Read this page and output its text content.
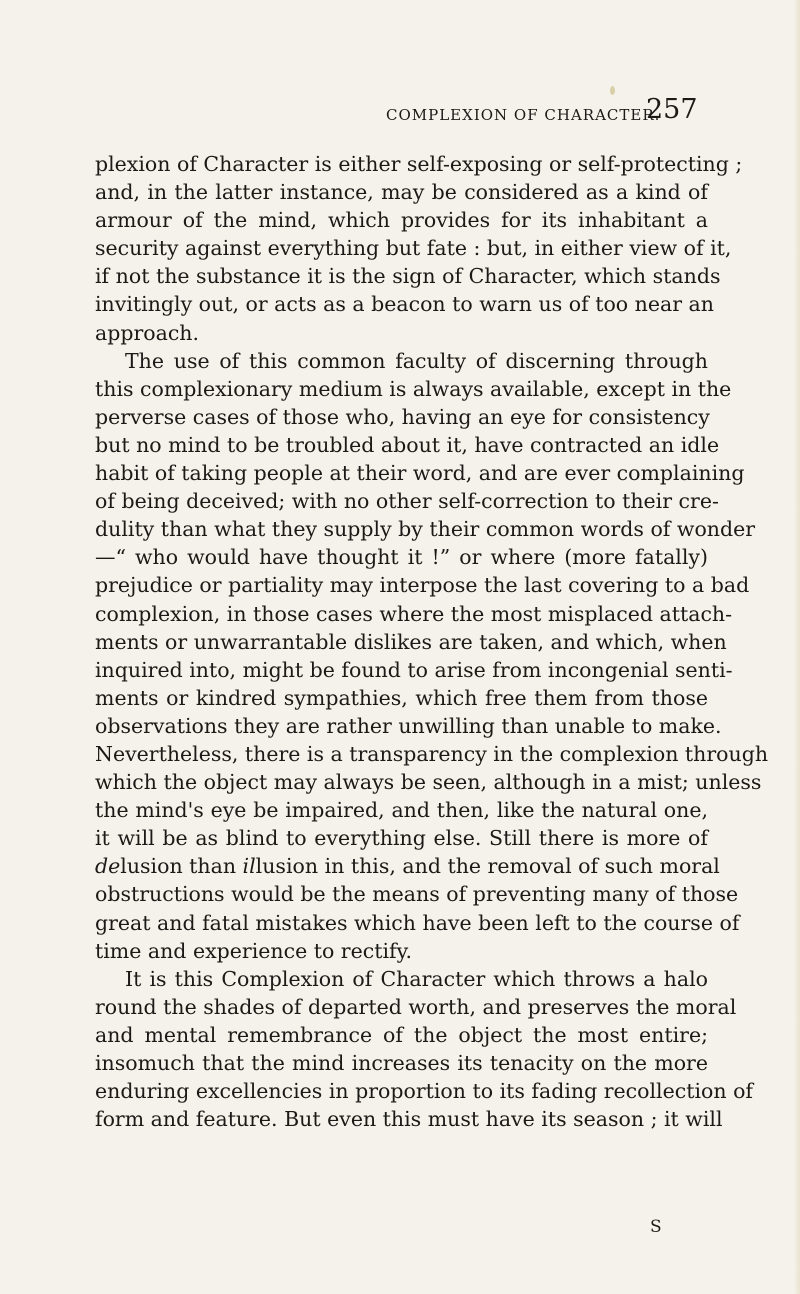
COMPLEXION OF CHARACTER.
257
plexion of Character is either self-exposing or self-protecting ;
and, in the latter instance, may be considered as a kind of
armour of the mind, which provides for its inhabitant a
security against everything but fate : but, in either view of it,
if not the substance it is the sign of Character, which stands
invitingly out, or acts as a beacon to warn us of too near an
approach.
The use of this common faculty of discerning through
this complexionary medium is always available, except in the
perverse cases of those who, having an eye for consistency
but no mind to be troubled about it, have contracted an idle
habit of taking people at their word, and are ever complaining
of being deceived; with no other self-correction to their cre-
dulity than what they supply by their common words of wonder
—“ who would have thought it !” or where (more fatally)
prejudice or partiality may interpose the last covering to a bad
complexion, in those cases where the most misplaced attach-
ments or unwarrantable dislikes are taken, and which, when
inquired into, might be found to arise from incongenial senti-
ments or kindred sympathies, which free them from those
observations they are rather unwilling than unable to make.
Nevertheless, there is a transparency in the complexion through
which the object may always be seen, although in a mist; unless
the mind's eye be impaired, and then, like the natural one,
it will be as blind to everything else. Still there is more of
delusion than illusion in this, and the removal of such moral
obstructions would be the means of preventing many of those
great and fatal mistakes which have been left to the course of
time and experience to rectify.
It is this Complexion of Character which throws a halo
round the shades of departed worth, and preserves the moral
and mental remembrance of the object the most entire;
insomuch that the mind increases its tenacity on the more
enduring excellencies in proportion to its fading recollection of
form and feature. But even this must have its season ; it will
S
